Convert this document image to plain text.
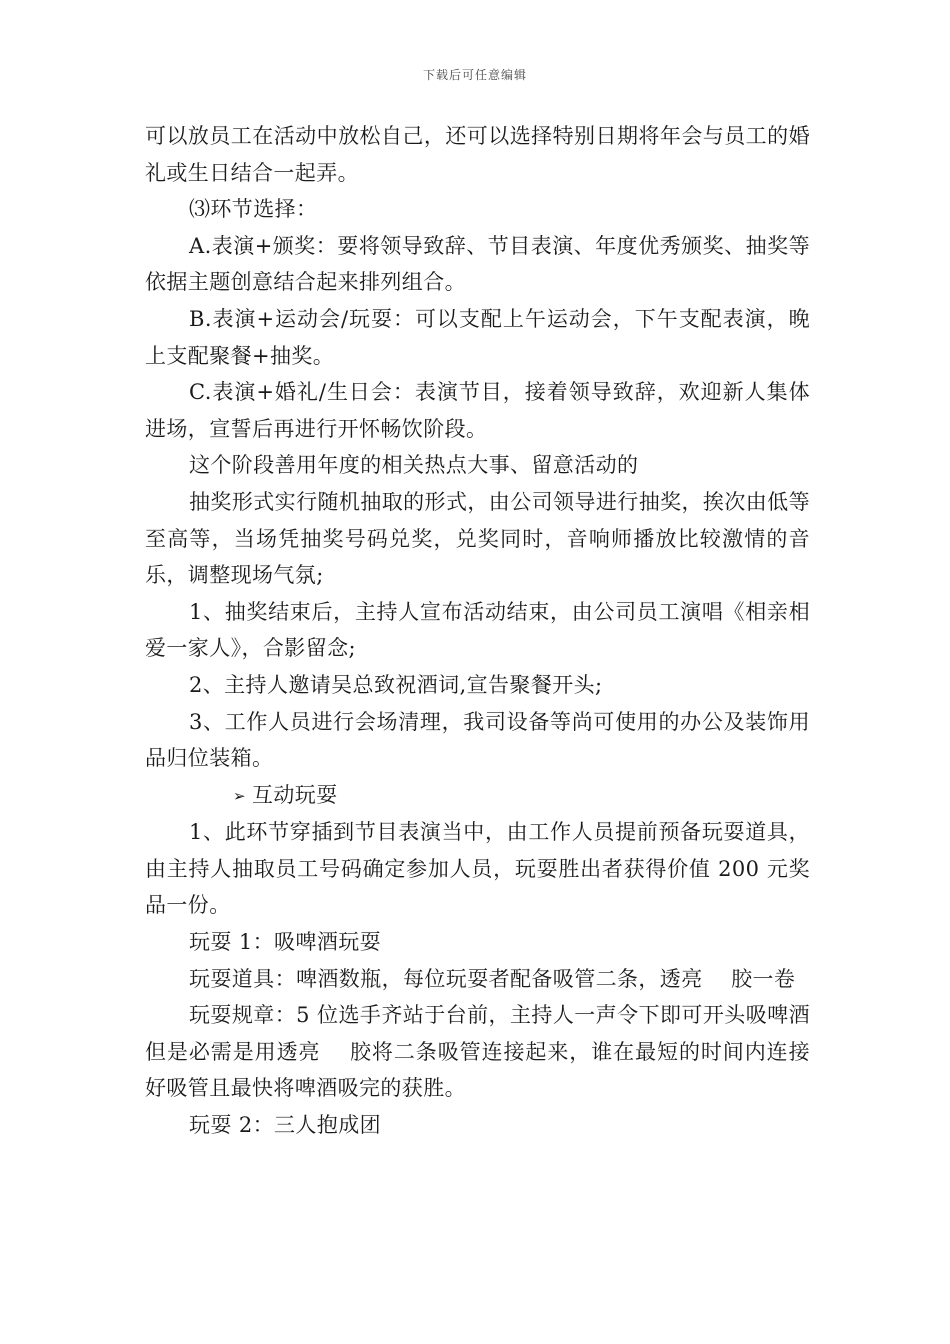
下载后可任意编辑

可以放员工在活动中放松自己，还可以选择特别日期将年会与员工的婚礼或生日结合一起弄。

⑶环节选择：

A.表演+颁奖：要将领导致辞、节目表演、年度优秀颁奖、抽奖等依据主题创意结合起来排列组合。

B.表演+运动会/玩耍：可以支配上午运动会，下午支配表演，晚上支配聚餐+抽奖。

C.表演+婚礼/生日会：表演节目，接着领导致辞，欢迎新人集体进场，宣誓后再进行开怀畅饮阶段。

这个阶段善用年度的相关热点大事、留意活动的

抽奖形式实行随机抽取的形式，由公司领导进行抽奖，挨次由低等至高等，当场凭抽奖号码兑奖，兑奖同时，音响师播放比较激情的音乐，调整现场气氛;

1、抽奖结束后，主持人宣布活动结束，由公司员工演唱《相亲相爱一家人》，合影留念;

2、主持人邀请吴总致祝酒词,宣告聚餐开头;

3、工作人员进行会场清理，我司设备等尚可使用的办公及装饰用品归位装箱。

➢ 互动玩耍

1、此环节穿插到节目表演当中，由工作人员提前预备玩耍道具，由主持人抽取员工号码确定参加人员，玩耍胜出者获得价值 200 元奖品一份。

玩耍 1：吸啤酒玩耍

玩耍道具：啤酒数瓶，每位玩耍者配备吸管二条，透亮　 胶一卷

玩耍规章：5 位选手齐站于台前，主持人一声令下即可开头吸啤酒但是必需是用透亮　 胶将二条吸管连接起来，谁在最短的时间内连接好吸管且最快将啤酒吸完的获胜。

玩耍 2：三人抱成团
